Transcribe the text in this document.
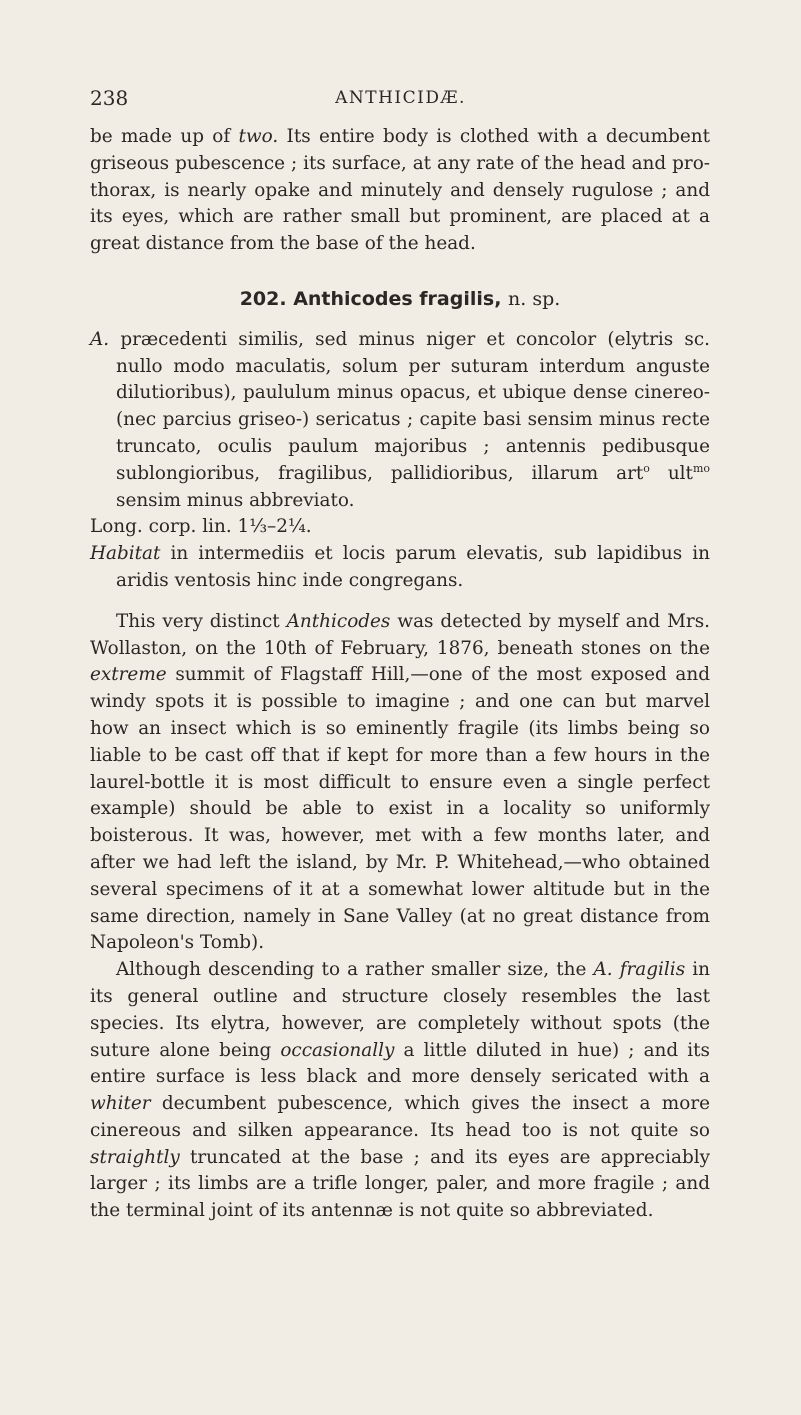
238	ANTHICIDÆ.

be made up of two. Its entire body is clothed with a decumbent griseous pubescence ; its surface, at any rate of the head and pro-thorax, is nearly opake and minutely and densely rugulose ; and its eyes, which are rather small but prominent, are placed at a great distance from the base of the head.

202. Anthicodes fragilis, n. sp.

A. præcedenti similis, sed minus niger et concolor (elytris sc. nullo modo maculatis, solum per suturam interdum anguste dilutioribus), paululum minus opacus, et ubique dense cinereo- (nec parcius griseo-) sericatus ; capite basi sensim minus recte truncato, oculis paulum majoribus ; antennis pedibusque sublongioribus, fragilibus, pallidioribus, illarum art$^o$ ult$^{mo}$ sensim minus abbreviato.

Long. corp. lin. 1⅓–2¼.

Habitat in intermediis et locis parum elevatis, sub lapidibus in aridis ventosis hinc inde congregans.

This very distinct Anthicodes was detected by myself and Mrs. Wollaston, on the 10th of February, 1876, beneath stones on the extreme summit of Flagstaff Hill,—one of the most exposed and windy spots it is possible to imagine ; and one can but marvel how an insect which is so eminently fragile (its limbs being so liable to be cast off that if kept for more than a few hours in the laurel-bottle it is most difficult to ensure even a single perfect example) should be able to exist in a locality so uniformly boisterous. It was, however, met with a few months later, and after we had left the island, by Mr. P. Whitehead,—who obtained several specimens of it at a somewhat lower altitude but in the same direction, namely in Sane Valley (at no great distance from Napoleon's Tomb).

Although descending to a rather smaller size, the A. fragilis in its general outline and structure closely resembles the last species. Its elytra, however, are completely without spots (the suture alone being occasionally a little diluted in hue) ; and its entire surface is less black and more densely sericated with a whiter decumbent pubescence, which gives the insect a more cinereous and silken appearance. Its head too is not quite so straightly truncated at the base ; and its eyes are appreciably larger ; its limbs are a trifle longer, paler, and more fragile ; and the terminal joint of its antennæ is not quite so abbreviated.
